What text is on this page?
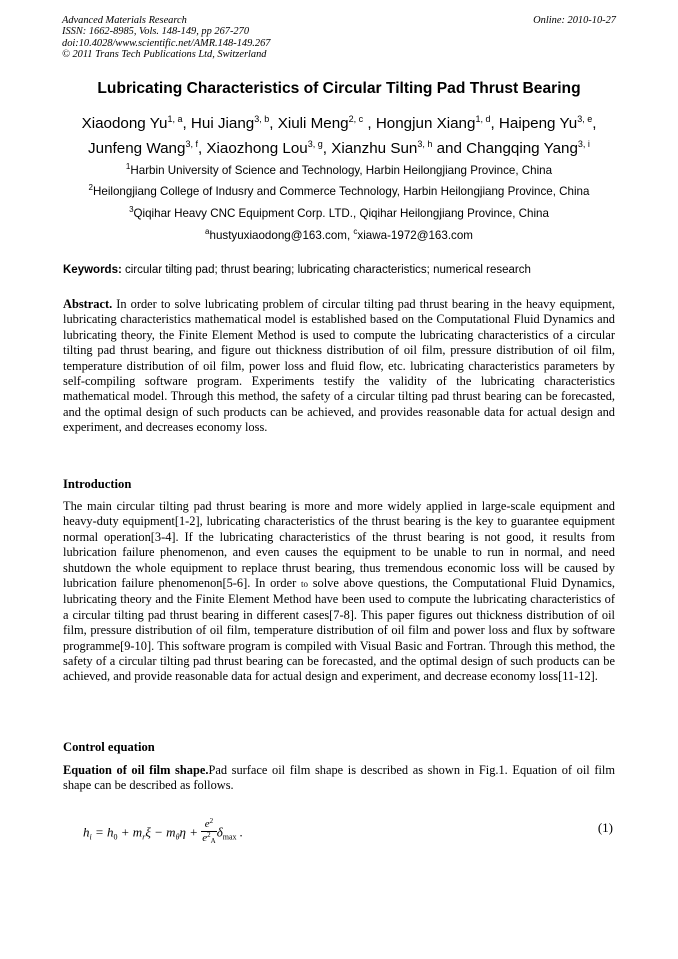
Advanced Materials Research
ISSN: 1662-8985, Vols. 148-149, pp 267-270
doi:10.4028/www.scientific.net/AMR.148-149.267
© 2011 Trans Tech Publications Ltd, Switzerland
Online: 2010-10-27
Lubricating Characteristics of Circular Tilting Pad Thrust Bearing
Xiaodong Yu$^{1, a}$, Hui Jiang$^{3, b}$, Xiuli Meng$^{2, c}$ , Hongjun Xiang$^{1, d}$, Haipeng Yu$^{3, e}$,
Junfeng Wang$^{3, f}$, Xiaozhong Lou$^{3, g}$, Xianzhu Sun$^{3, h}$ and Changqing Yang$^{3, i}$
$^1$Harbin University of Science and Technology, Harbin Heilongjiang Province, China
$^2$Heilongjiang College of Indusry and Commerce Technology, Harbin Heilongjiang Province, China
$^3$Qiqihar Heavy CNC Equipment Corp. LTD., Qiqihar Heilongjiang Province, China
$^a$hustyuxiaodong@163.com, $^c$xiawa-1972@163.com
Keywords: circular tilting pad; thrust bearing; lubricating characteristics; numerical research
Abstract. In order to solve lubricating problem of circular tilting pad thrust bearing in the heavy equipment, lubricating characteristics mathematical model is established based on the Computational Fluid Dynamics and lubricating theory, the Finite Element Method is used to compute the lubricating characteristics of a circular tilting pad thrust bearing, and figure out thickness distribution of oil film, pressure distribution of oil film, temperature distribution of oil film, power loss and fluid flow, etc. lubricating characteristics parameters by self-compiling software program. Experiments testify the validity of the lubricating characteristics mathematical model. Through this method, the safety of a circular tilting pad thrust bearing can be forecasted, and the optimal design of such products can be achieved, and provides reasonable data for actual design and experiment, and decreases economy loss.
Introduction
The main circular tilting pad thrust bearing is more and more widely applied in large-scale equipment and heavy-duty equipment[1-2], lubricating characteristics of the thrust bearing is the key to guarantee equipment normal operation[3-4]. If the lubricating characteristics of the thrust bearing is not good, it results from lubrication failure phenomenon, and even causes the equipment to be unable to run in normal, and need shutdown the whole equipment to replace thrust bearing, thus tremendous economic loss will be caused by lubrication failure phenomenon[5-6]. In order to solve above questions, the Computational Fluid Dynamics, lubricating theory and the Finite Element Method have been used to compute the lubricating characteristics of a circular tilting pad thrust bearing in different cases[7-8]. This paper figures out thickness distribution of oil film, pressure distribution of oil film, temperature distribution of oil film and power loss and flux by software programme[9-10]. This software program is compiled with Visual Basic and Fortran. Through this method, the safety of a circular tilting pad thrust bearing can be forecasted, and the optimal design of such products can be achieved, and provide reasonable data for actual design and experiment, and decrease economy loss[11-12].
Control equation
Equation of oil film shape.Pad surface oil film shape is described as shown in Fig.1. Equation of oil film shape can be described as follows.
$h_i = h_0 + m_r\xi - m_\theta\eta + \frac{e^2}{e^2_A} \delta_{max}$ .	(1)
